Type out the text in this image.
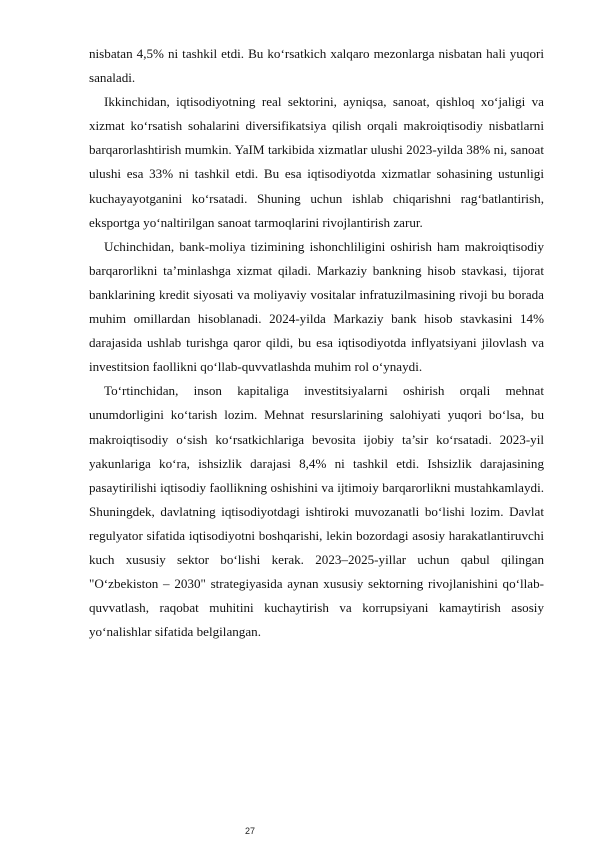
nisbatan 4,5% ni tashkil etdi. Bu ko‘rsatkich xalqaro mezonlarga nisbatan hali yuqori sanaladi.

Ikkinchidan, iqtisodiyotning real sektorini, ayniqsa, sanoat, qishloq xo‘jaligi va xizmat ko‘rsatish sohalarini diversifikatsiya qilish orqali makroiqtisodiy nisbatlarni barqarorlashtirish mumkin. YaIM tarkibida xizmatlar ulushi 2023-yilda 38% ni, sanoat ulushi esa 33% ni tashkil etdi. Bu esa iqtisodiyotda xizmatlar sohasining ustunligi kuchayayotganini ko‘rsatadi. Shuning uchun ishlab chiqarishni rag‘batlantirish, eksportga yo‘naltirilgan sanoat tarmoqlarini rivojlantirish zarur.

Uchinchidan, bank-moliya tizimining ishonchliligini oshirish ham makroiqtisodiy barqarorlikni ta’minlashga xizmat qiladi. Markaziy bankning hisob stavkasi, tijorat banklarining kredit siyosati va moliyaviy vositalar infratuzilmasining rivoji bu borada muhim omillardan hisoblanadi. 2024-yilda Markaziy bank hisob stavkasini 14% darajasida ushlab turishga qaror qildi, bu esa iqtisodiyotda inflyatsiyani jilovlash va investitsion faollikni qo‘llab-quvvatlashda muhim rol o‘ynaydi.

To‘rtinchidan, inson kapitaliga investitsiyalarni oshirish orqali mehnat unumdorligini ko‘tarish lozim. Mehnat resurslarining salohiyati yuqori bo‘lsa, bu makroiqtisodiy o‘sish ko‘rsatkichlariga bevosita ijobiy ta’sir ko‘rsatadi. 2023-yil yakunlariga ko‘ra, ishsizlik darajasi 8,4% ni tashkil etdi. Ishsizlik darajasining pasaytirilishi iqtisodiy faollikning oshishini va ijtimoiy barqarorlikni mustahkamlaydi. Shuningdek, davlatning iqtisodiyotdagi ishtiroki muvozanatli bo‘lishi lozim. Davlat regulyator sifatida iqtisodiyotni boshqarishi, lekin bozordagi asosiy harakatlantiruvchi kuch xususiy sektor bo‘lishi kerak. 2023–2025-yillar uchun qabul qilingan "O‘zbekiston – 2030" strategiyasida aynan xususiy sektorning rivojlanishini qo‘llab-quvvatlash, raqobat muhitini kuchaytirish va korrupsiyani kamaytirish asosiy yo‘nalishlar sifatida belgilangan.

27
